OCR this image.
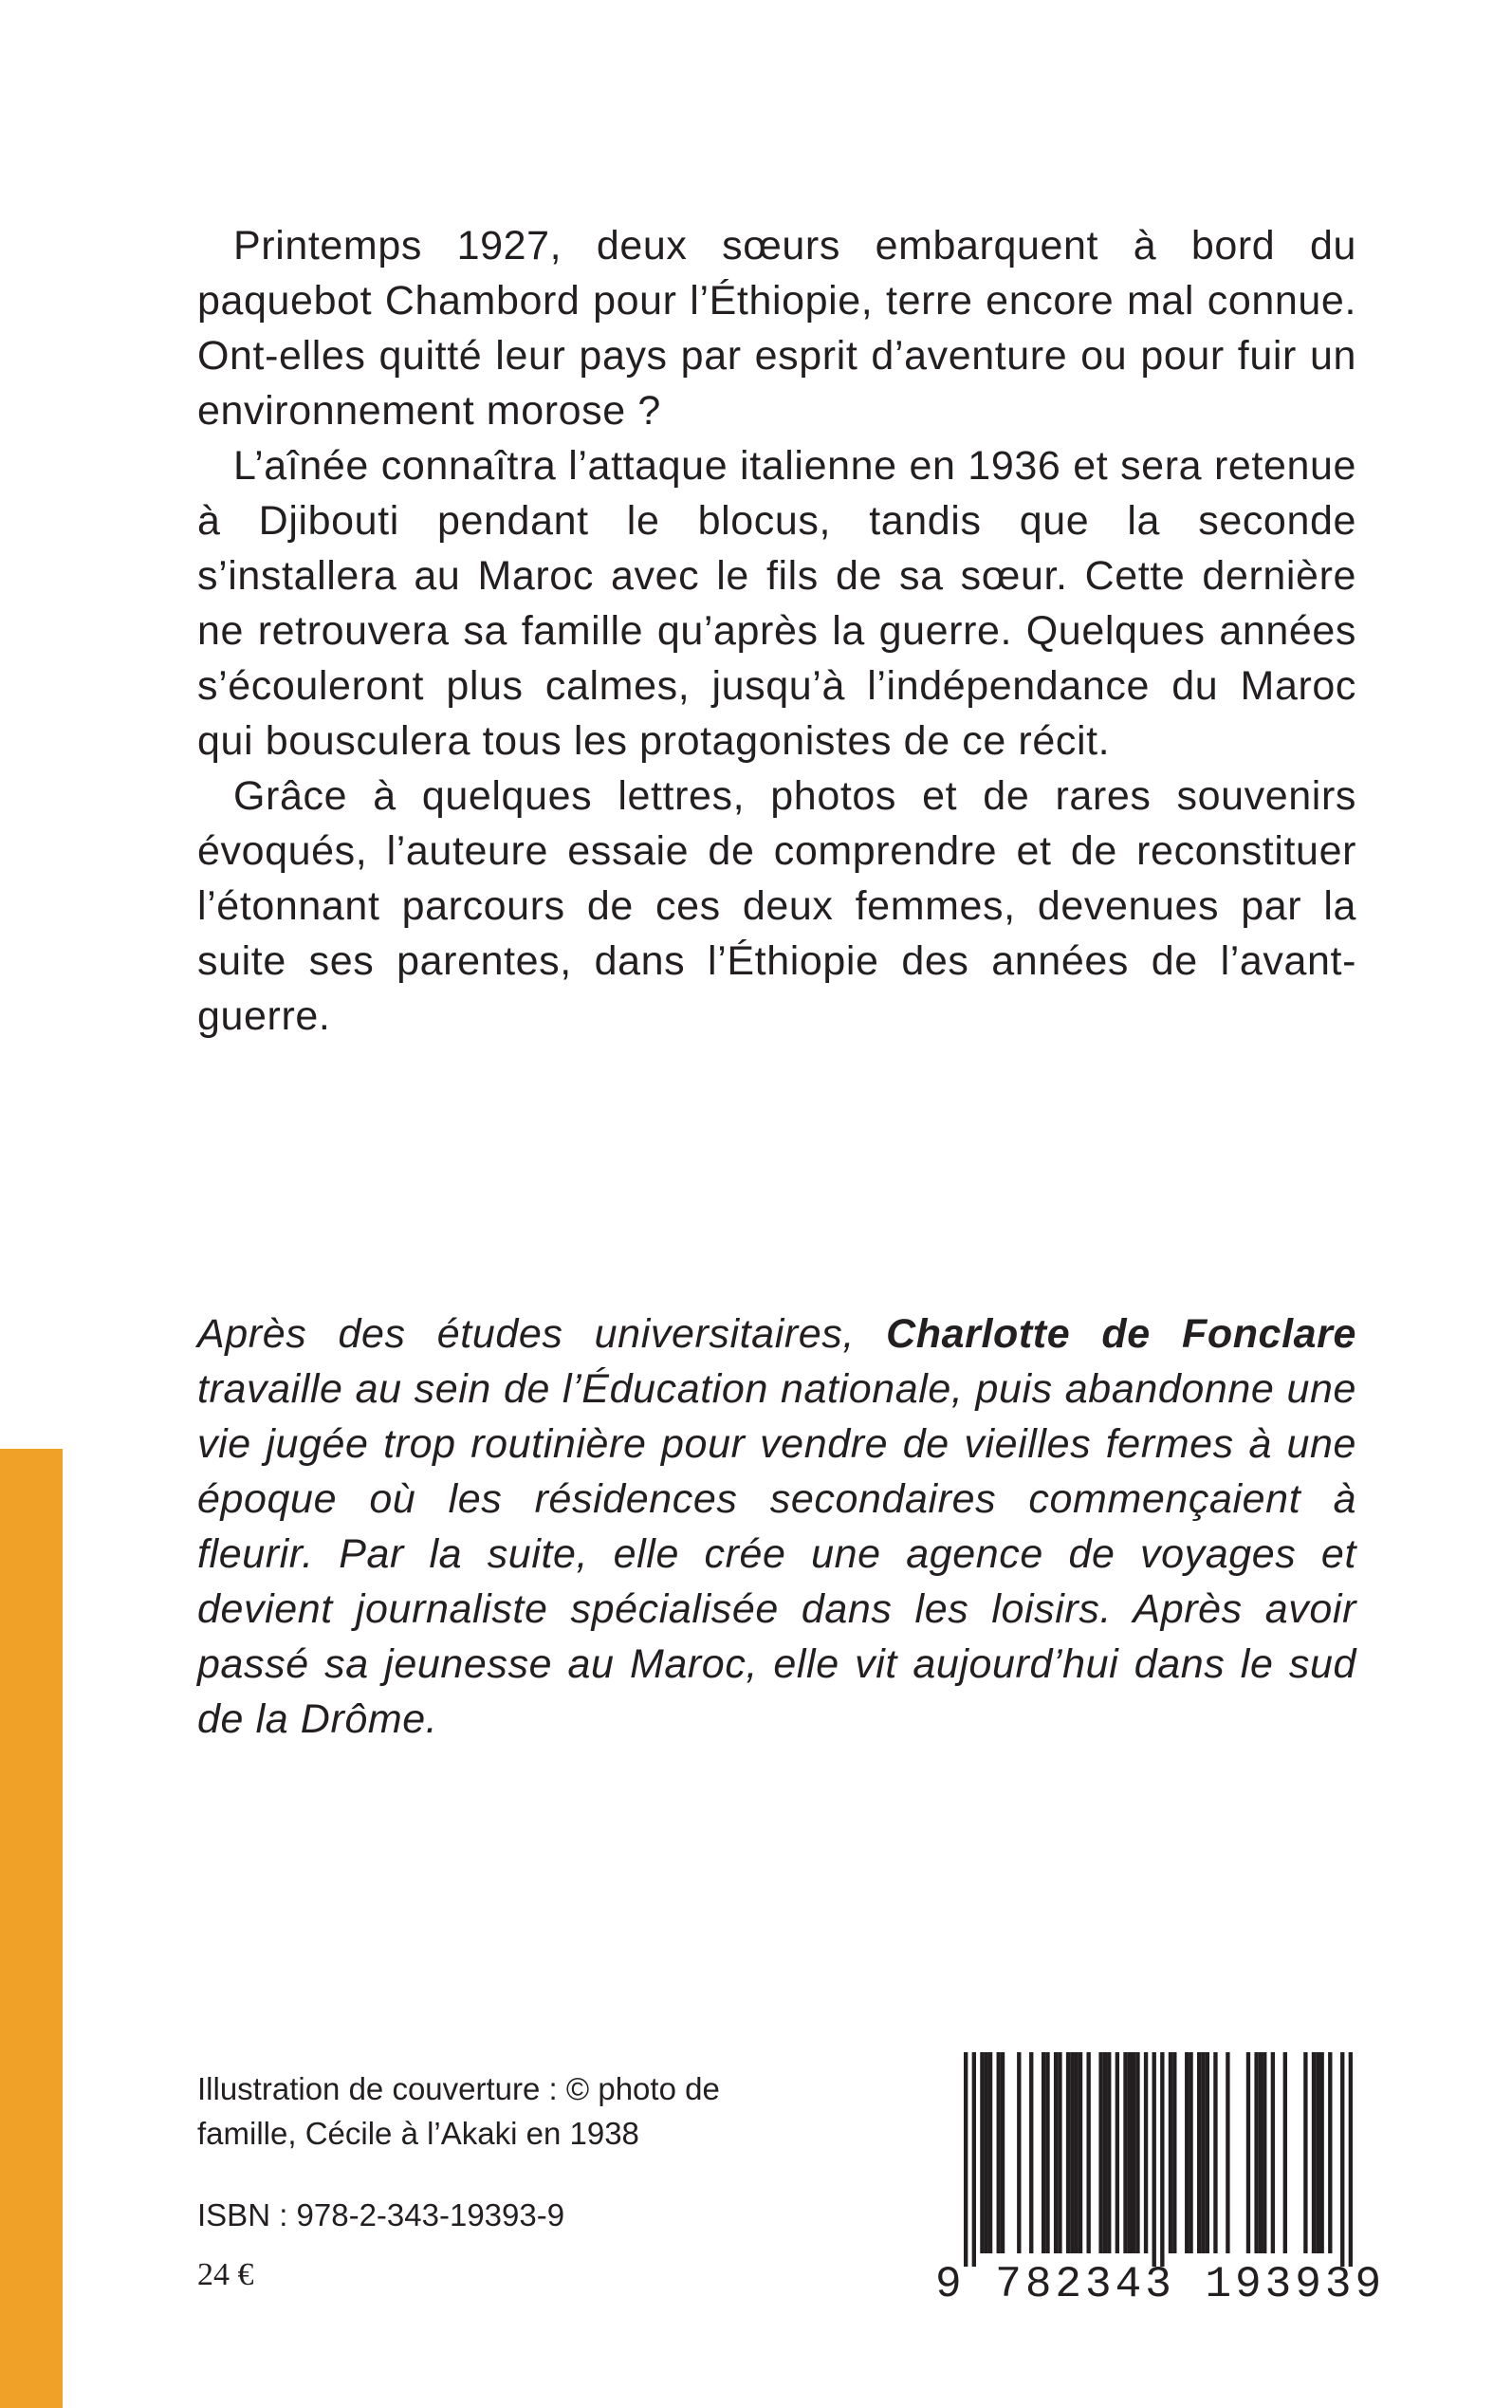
Printemps 1927, deux sœurs embarquent à bord du paquebot Chambord pour l’Éthiopie, terre encore mal connue. Ont-elles quitté leur pays par esprit d’aventure ou pour fuir un environnement morose ?

L’aînée connaîtra l’attaque italienne en 1936 et sera retenue à Djibouti pendant le blocus, tandis que la seconde s’installera au Maroc avec le fils de sa sœur. Cette dernière ne retrouvera sa famille qu’après la guerre. Quelques années s’écouleront plus calmes, jusqu’à l’indépendance du Maroc qui bousculera tous les protagonistes de ce récit.

Grâce à quelques lettres, photos et de rares souvenirs évoqués, l’auteure essaie de comprendre et de reconstituer l’étonnant parcours de ces deux femmes, devenues par la suite ses parentes, dans l’Éthiopie des années de l’avant-guerre.

Après des études universitaires, Charlotte de Fonclare travaille au sein de l’Éducation nationale, puis abandonne une vie jugée trop routinière pour vendre de vieilles fermes à une époque où les résidences secondaires commençaient à fleurir. Par la suite, elle crée une agence de voyages et devient journaliste spécialisée dans les loisirs. Après avoir passé sa jeunesse au Maroc, elle vit aujourd’hui dans le sud de la Drôme.

Illustration de couverture : © photo de
famille, Cécile à l’Akaki en 1938
ISBN : 978-2-343-19393-9
24 €	9 782343 193939
